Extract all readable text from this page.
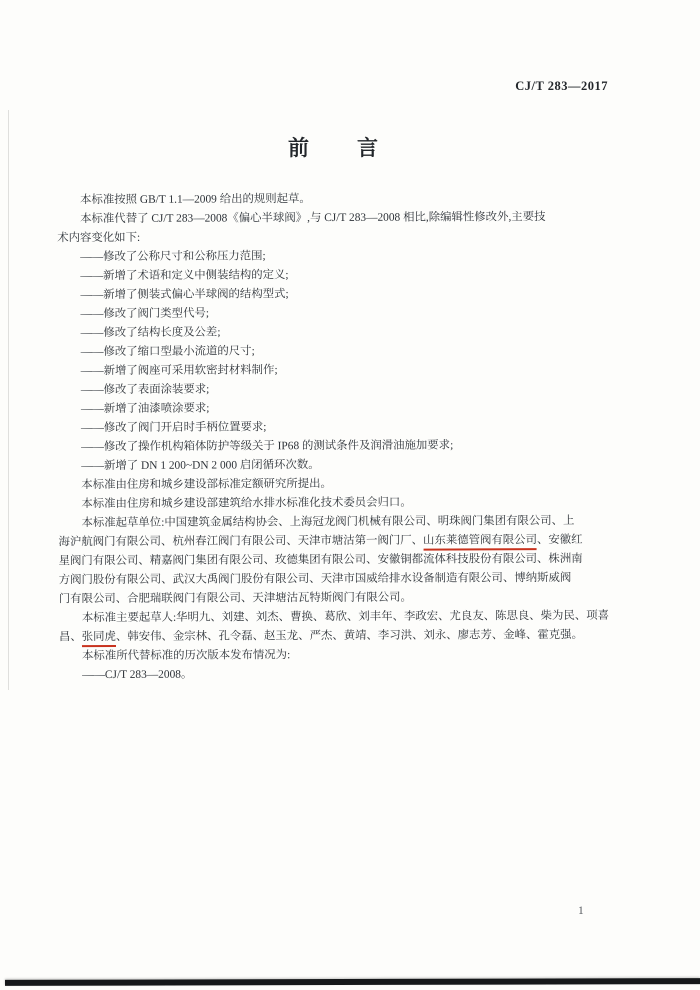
CJ/T 283—2017
前　　言
本标准按照 GB/T 1.1—2009 给出的规则起草。
本标准代替了 CJ/T 283—2008《偏心半球阀》,与 CJ/T 283—2008 相比,除编辑性修改外,主要技
术内容变化如下:
——修改了公称尺寸和公称压力范围;
——新增了术语和定义中侧装结构的定义;
——新增了侧装式偏心半球阀的结构型式;
——修改了阀门类型代号;
——修改了结构长度及公差;
——修改了缩口型最小流道的尺寸;
——新增了阀座可采用软密封材料制作;
——修改了表面涂装要求;
——新增了油漆喷涂要求;
——修改了阀门开启时手柄位置要求;
——修改了操作机构箱体防护等级关于 IP68 的测试条件及润滑油施加要求;
——新增了 DN 1 200~DN 2 000 启闭循环次数。
本标准由住房和城乡建设部标准定额研究所提出。
本标准由住房和城乡建设部建筑给水排水标准化技术委员会归口。
本标准起草单位:中国建筑金属结构协会、上海冠龙阀门机械有限公司、明珠阀门集团有限公司、上
海沪航阀门有限公司、杭州春江阀门有限公司、天津市塘沽第一阀门厂、山东莱德管阀有限公司、安徽红
星阀门有限公司、精嘉阀门集团有限公司、玫德集团有限公司、安徽铜都流体科技股份有限公司、株洲南
方阀门股份有限公司、武汉大禹阀门股份有限公司、天津市国威给排水设备制造有限公司、博纳斯威阀
门有限公司、合肥瑞联阀门有限公司、天津塘沽瓦特斯阀门有限公司。
本标准主要起草人:华明九、刘建、刘杰、曹换、葛欣、刘丰年、李政宏、尤良友、陈思良、柴为民、项喜
昌、张同虎、韩安伟、金宗林、孔令磊、赵玉龙、严杰、黄靖、李习洪、刘永、廖志芳、金峰、霍克强。
本标准所代替标准的历次版本发布情况为:
——CJ/T 283—2008。
1
